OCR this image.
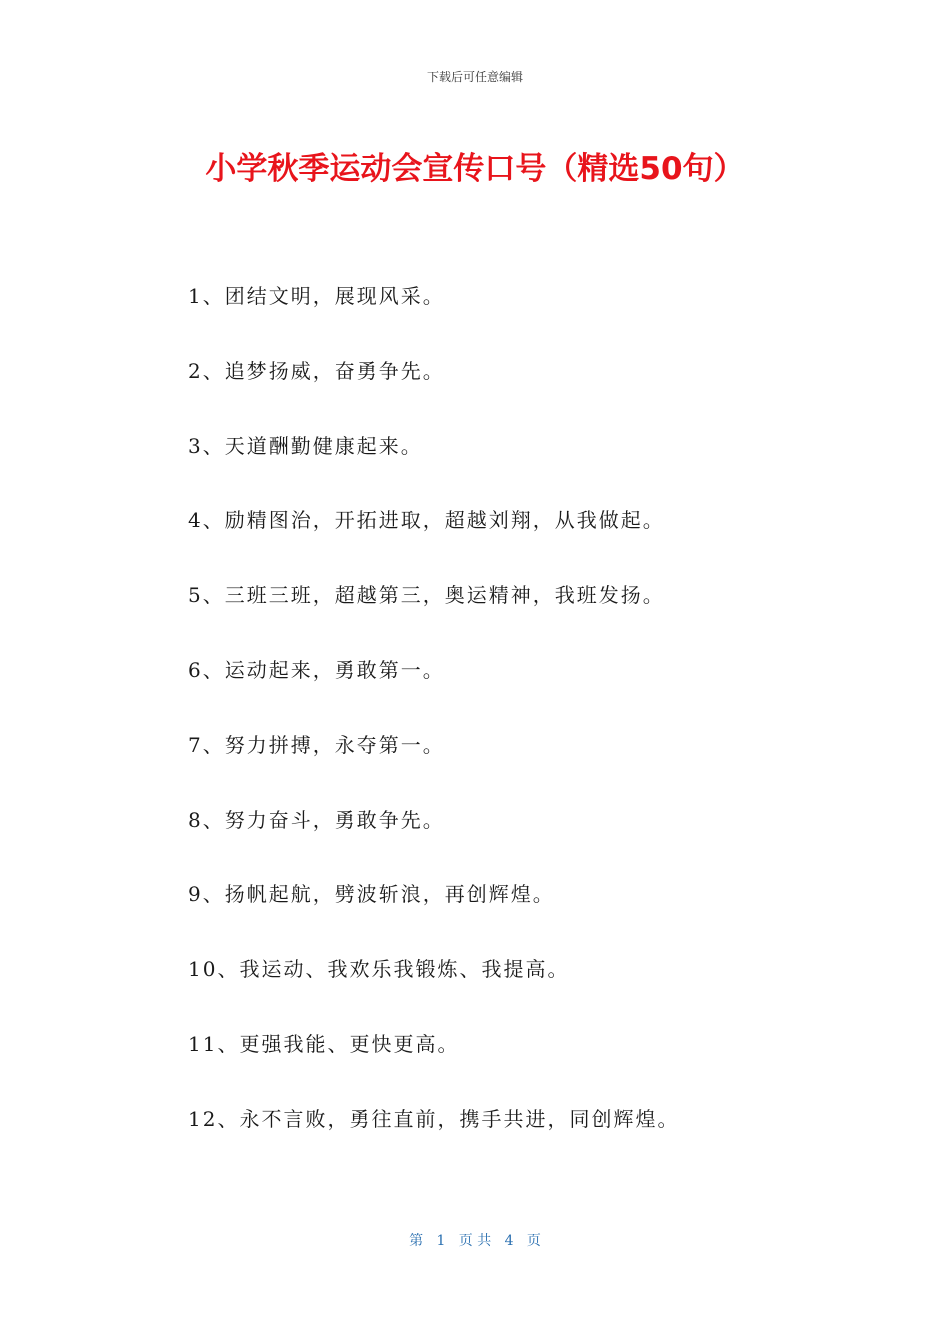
下载后可任意编辑
小学秋季运动会宣传口号（精选50句）
1、团结文明，展现风采。
2、追梦扬威，奋勇争先。
3、天道酬勤健康起来。
4、励精图治，开拓进取，超越刘翔，从我做起。
5、三班三班，超越第三，奥运精神，我班发扬。
6、运动起来，勇敢第一。
7、努力拼搏，永夺第一。
8、努力奋斗，勇敢争先。
9、扬帆起航，劈波斩浪，再创辉煌。
10、我运动、我欢乐我锻炼、我提高。
11、更强我能、更快更高。
12、永不言败，勇往直前，携手共进，同创辉煌。
第   1   页 共   4   页
